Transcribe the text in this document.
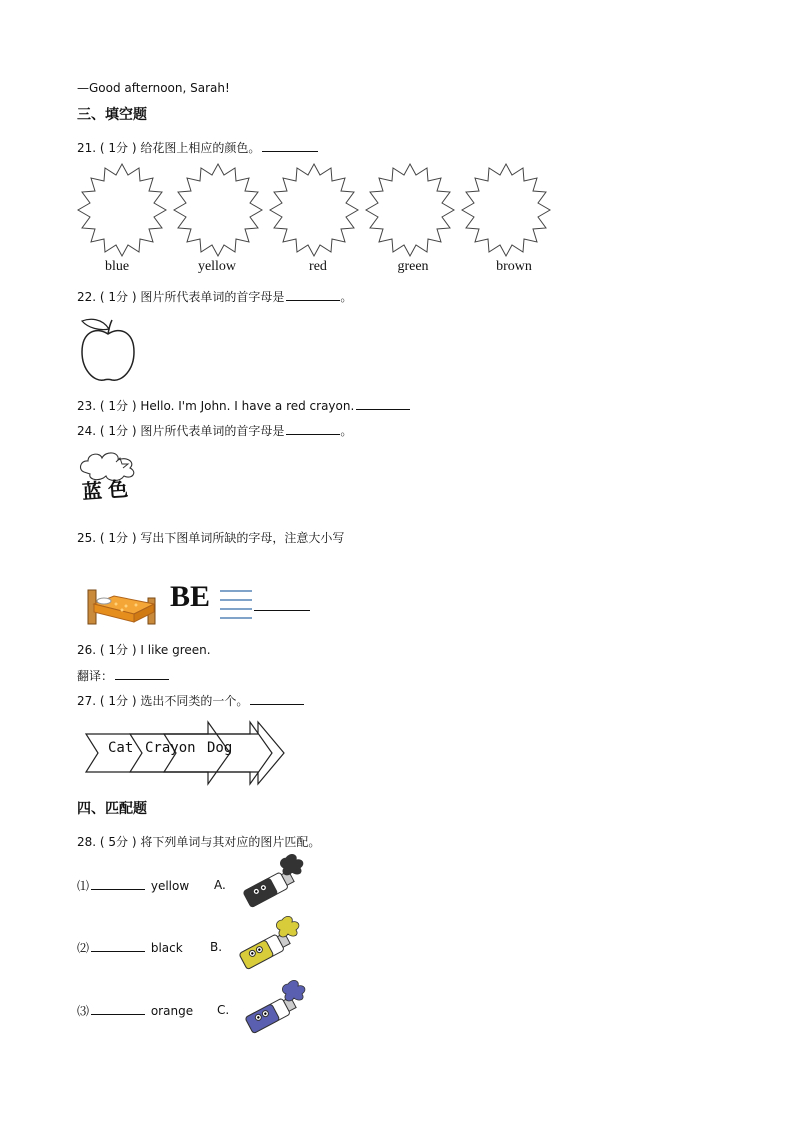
—Good afternoon, Sarah!
三、填空题
21. ( 1分 ) 给花图上相应的颜色。
blue	yellow	red	green	brown
22. ( 1分 ) 图片所代表单词的首字母是	。
23. ( 1分 ) Hello. I'm John. I have a red crayon.
24. ( 1分 ) 图片所代表单词的首字母是	。
蓝色
25. ( 1分 ) 写出下图单词所缺的字母，注意大小写
BE
26. ( 1分 ) I like green.
翻译：
27. ( 1分 ) 选出不同类的一个。
Cat Crayon Dog
四、匹配题
28. ( 5分 ) 将下列单词与其对应的图片匹配。
⑴	yellow A.
⑵	black B.
⑶	orange C.
